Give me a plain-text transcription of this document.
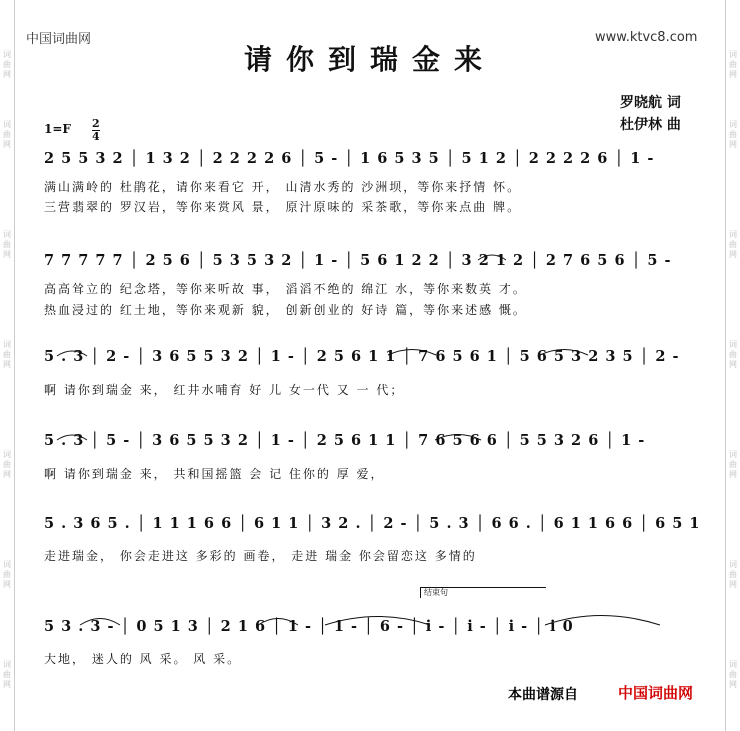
词
曲
网
词
曲
网
词
曲
网
词
曲
网
词
曲
网
词
曲
网
词
曲
网
词
曲
网
词
曲
网
词
曲
网
词
曲
网
词
曲
网
词
曲
网
词
曲
网
中国词曲网	www.ktvc8.com
请你到瑞金来
罗晓航 词
杜伊林 曲
1=F 2
4
2 5 5 3 2 │ 1 3 2 │ 2 2 2 2 6 │ 5 - │ 1 6 5 3 5 │ 5 1 2 │ 2 2 2 2 6 │ 1 -
满山满岭的 杜鹃花，请你来看它 开， 山清水秀的 沙洲坝，等你来抒情 怀。
三营翡翠的 罗汉岩，等你来赏风 景， 原汁原味的 采茶歌，等你来点曲 牌。
7 7 7 7 7 │ 2 5 6 │ 5 3 5 3 2 │ 1 - │ 5 6 1 2 2 │ 3 2 1 2 │ 2 7 6 5 6 │ 5 -
高高耸立的 纪念塔，等你来听故 事， 滔滔不绝的 绵江 水，等你来数英 才。
热血浸过的 红土地，等你来观新 貌， 创新创业的 好诗 篇，等你来述感 慨。
5 . 3 │ 2 - │ 3 6 5 5 3 2 │ 1 - │ 2 5 6 1 1 │ 7 6 5 6 1 │ 5 6 5 3 2 3 5 │ 2 -
啊 请你到瑞金 来， 红井水哺育 好 儿 女一代 又 一 代；
5 . 3 │ 5 - │ 3 6 5 5 3 2 │ 1 - │ 2 5 6 1 1 │ 7 6 5 6 6 │ 5 5 3 2 6 │ 1 -
啊 请你到瑞金 来， 共和国摇篮 会 记 住你的 厚 爱，
5 . 3 6 5 . │ 1 1 1 6 6 │ 6 1 1 │ 3 2 . │ 2 - │ 5 . 3 │ 6 6 . │ 6 1 1 6 6 │ 6 5 1
走进瑞金， 你会走进这 多彩的 画卷， 走进 瑞金 你会留恋这 多情的
结束句
5 3 . 3 - │ 0 5 1 3 │ 2 1 6 │ 1 - │ 1 - │ 6 - │ i - │ i - │ i - │ i 0
大地， 迷人的 风 采。 风 采。
本曲谱源自	中国词曲网
